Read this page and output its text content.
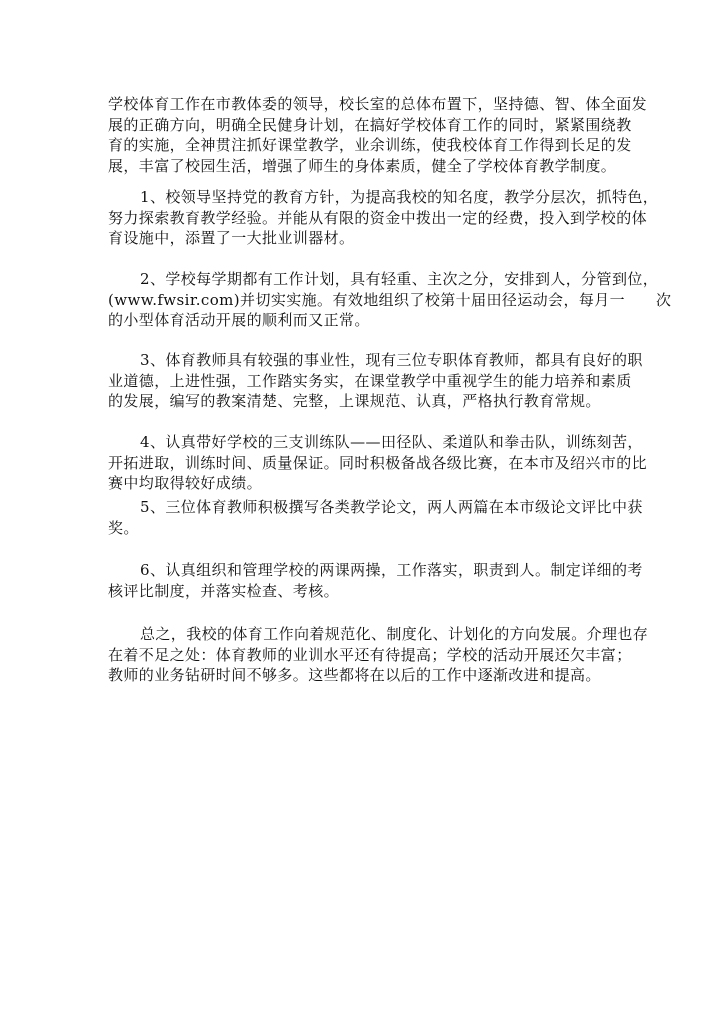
学校体育工作在市教体委的领导，校长室的总体布置下，坚持德、智、体全面发
展的正确方向，明确全民健身计划，在搞好学校体育工作的同时，紧紧围绕教
育的实施，全神贯注抓好课堂教学，业余训练，使我校体育工作得到长足的发
展，丰富了校园生活，增强了师生的身体素质，健全了学校体育教学制度。
1、校领导坚持党的教育方针，为提高我校的知名度，教学分层次，抓特色，
努力探索教育教学经验。并能从有限的资金中拨出一定的经费，投入到学校的体
育设施中，添置了一大批业训器材。
2、学校每学期都有工作计划，具有轻重、主次之分，安排到人，分管到位，
(www.fwsir.com)并切实实施。有效地组织了校第十届田径运动会，每月一      次
的小型体育活动开展的顺利而又正常。
3、体育教师具有较强的事业性，现有三位专职体育教师，都具有良好的职
业道德，上进性强，工作踏实务实，在课堂教学中重视学生的能力培养和素质
的发展，编写的教案清楚、完整，上课规范、认真，严格执行教育常规。
4、认真带好学校的三支训练队——田径队、柔道队和拳击队，训练刻苦，
开拓进取，训练时间、质量保证。同时积极备战各级比赛，在本市及绍兴市的比
赛中均取得较好成绩。
5、三位体育教师积极撰写各类教学论文，两人两篇在本市级论文评比中获
奖。
6、认真组织和管理学校的两课两操，工作落实，职责到人。制定详细的考
核评比制度，并落实检查、考核。
总之，我校的体育工作向着规范化、制度化、计划化的方向发展。介理也存
在着不足之处：体育教师的业训水平还有待提高；学校的活动开展还欠丰富；
教师的业务钻研时间不够多。这些都将在以后的工作中逐渐改进和提高。
